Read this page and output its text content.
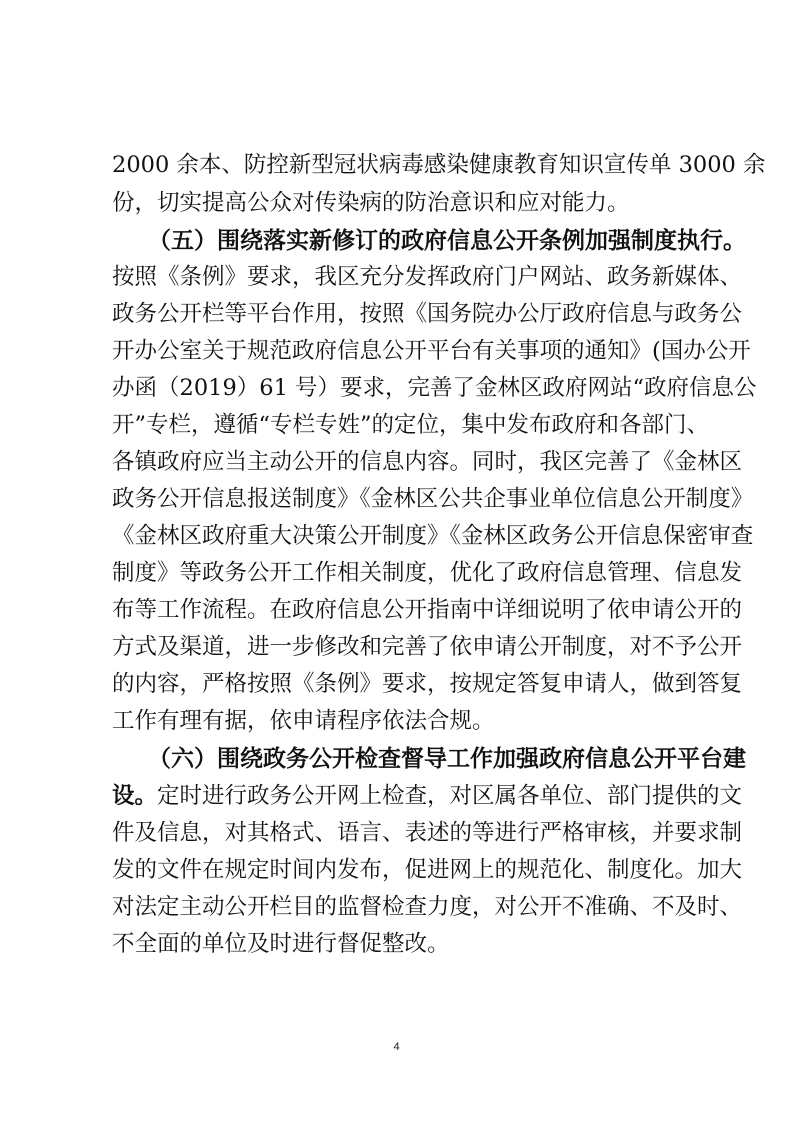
2000 余本、防控新型冠状病毒感染健康教育知识宣传单 3000 余
份，切实提高公众对传染病的防治意识和应对能力。
（五）围绕落实新修订的政府信息公开条例加强制度执行。
按照《条例》要求，我区充分发挥政府门户网站、政务新媒体、
政务公开栏等平台作用，按照《国务院办公厅政府信息与政务公
开办公室关于规范政府信息公开平台有关事项的通知》(国办公开
办函（2019）61 号）要求，完善了金林区政府网站“政府信息公
开”专栏，遵循“专栏专姓”的定位，集中发布政府和各部门、
各镇政府应当主动公开的信息内容。同时，我区完善了《金林区
政务公开信息报送制度》《金林区公共企事业单位信息公开制度》
《金林区政府重大决策公开制度》《金林区政务公开信息保密审查
制度》等政务公开工作相关制度，优化了政府信息管理、信息发
布等工作流程。在政府信息公开指南中详细说明了依申请公开的
方式及渠道，进一步修改和完善了依申请公开制度，对不予公开
的内容，严格按照《条例》要求，按规定答复申请人，做到答复
工作有理有据，依申请程序依法合规。
（六）围绕政务公开检查督导工作加强政府信息公开平台建
设。定时进行政务公开网上检查，对区属各单位、部门提供的文
件及信息，对其格式、语言、表述的等进行严格审核，并要求制
发的文件在规定时间内发布，促进网上的规范化、制度化。加大
对法定主动公开栏目的监督检查力度，对公开不准确、不及时、
不全面的单位及时进行督促整改。
4
